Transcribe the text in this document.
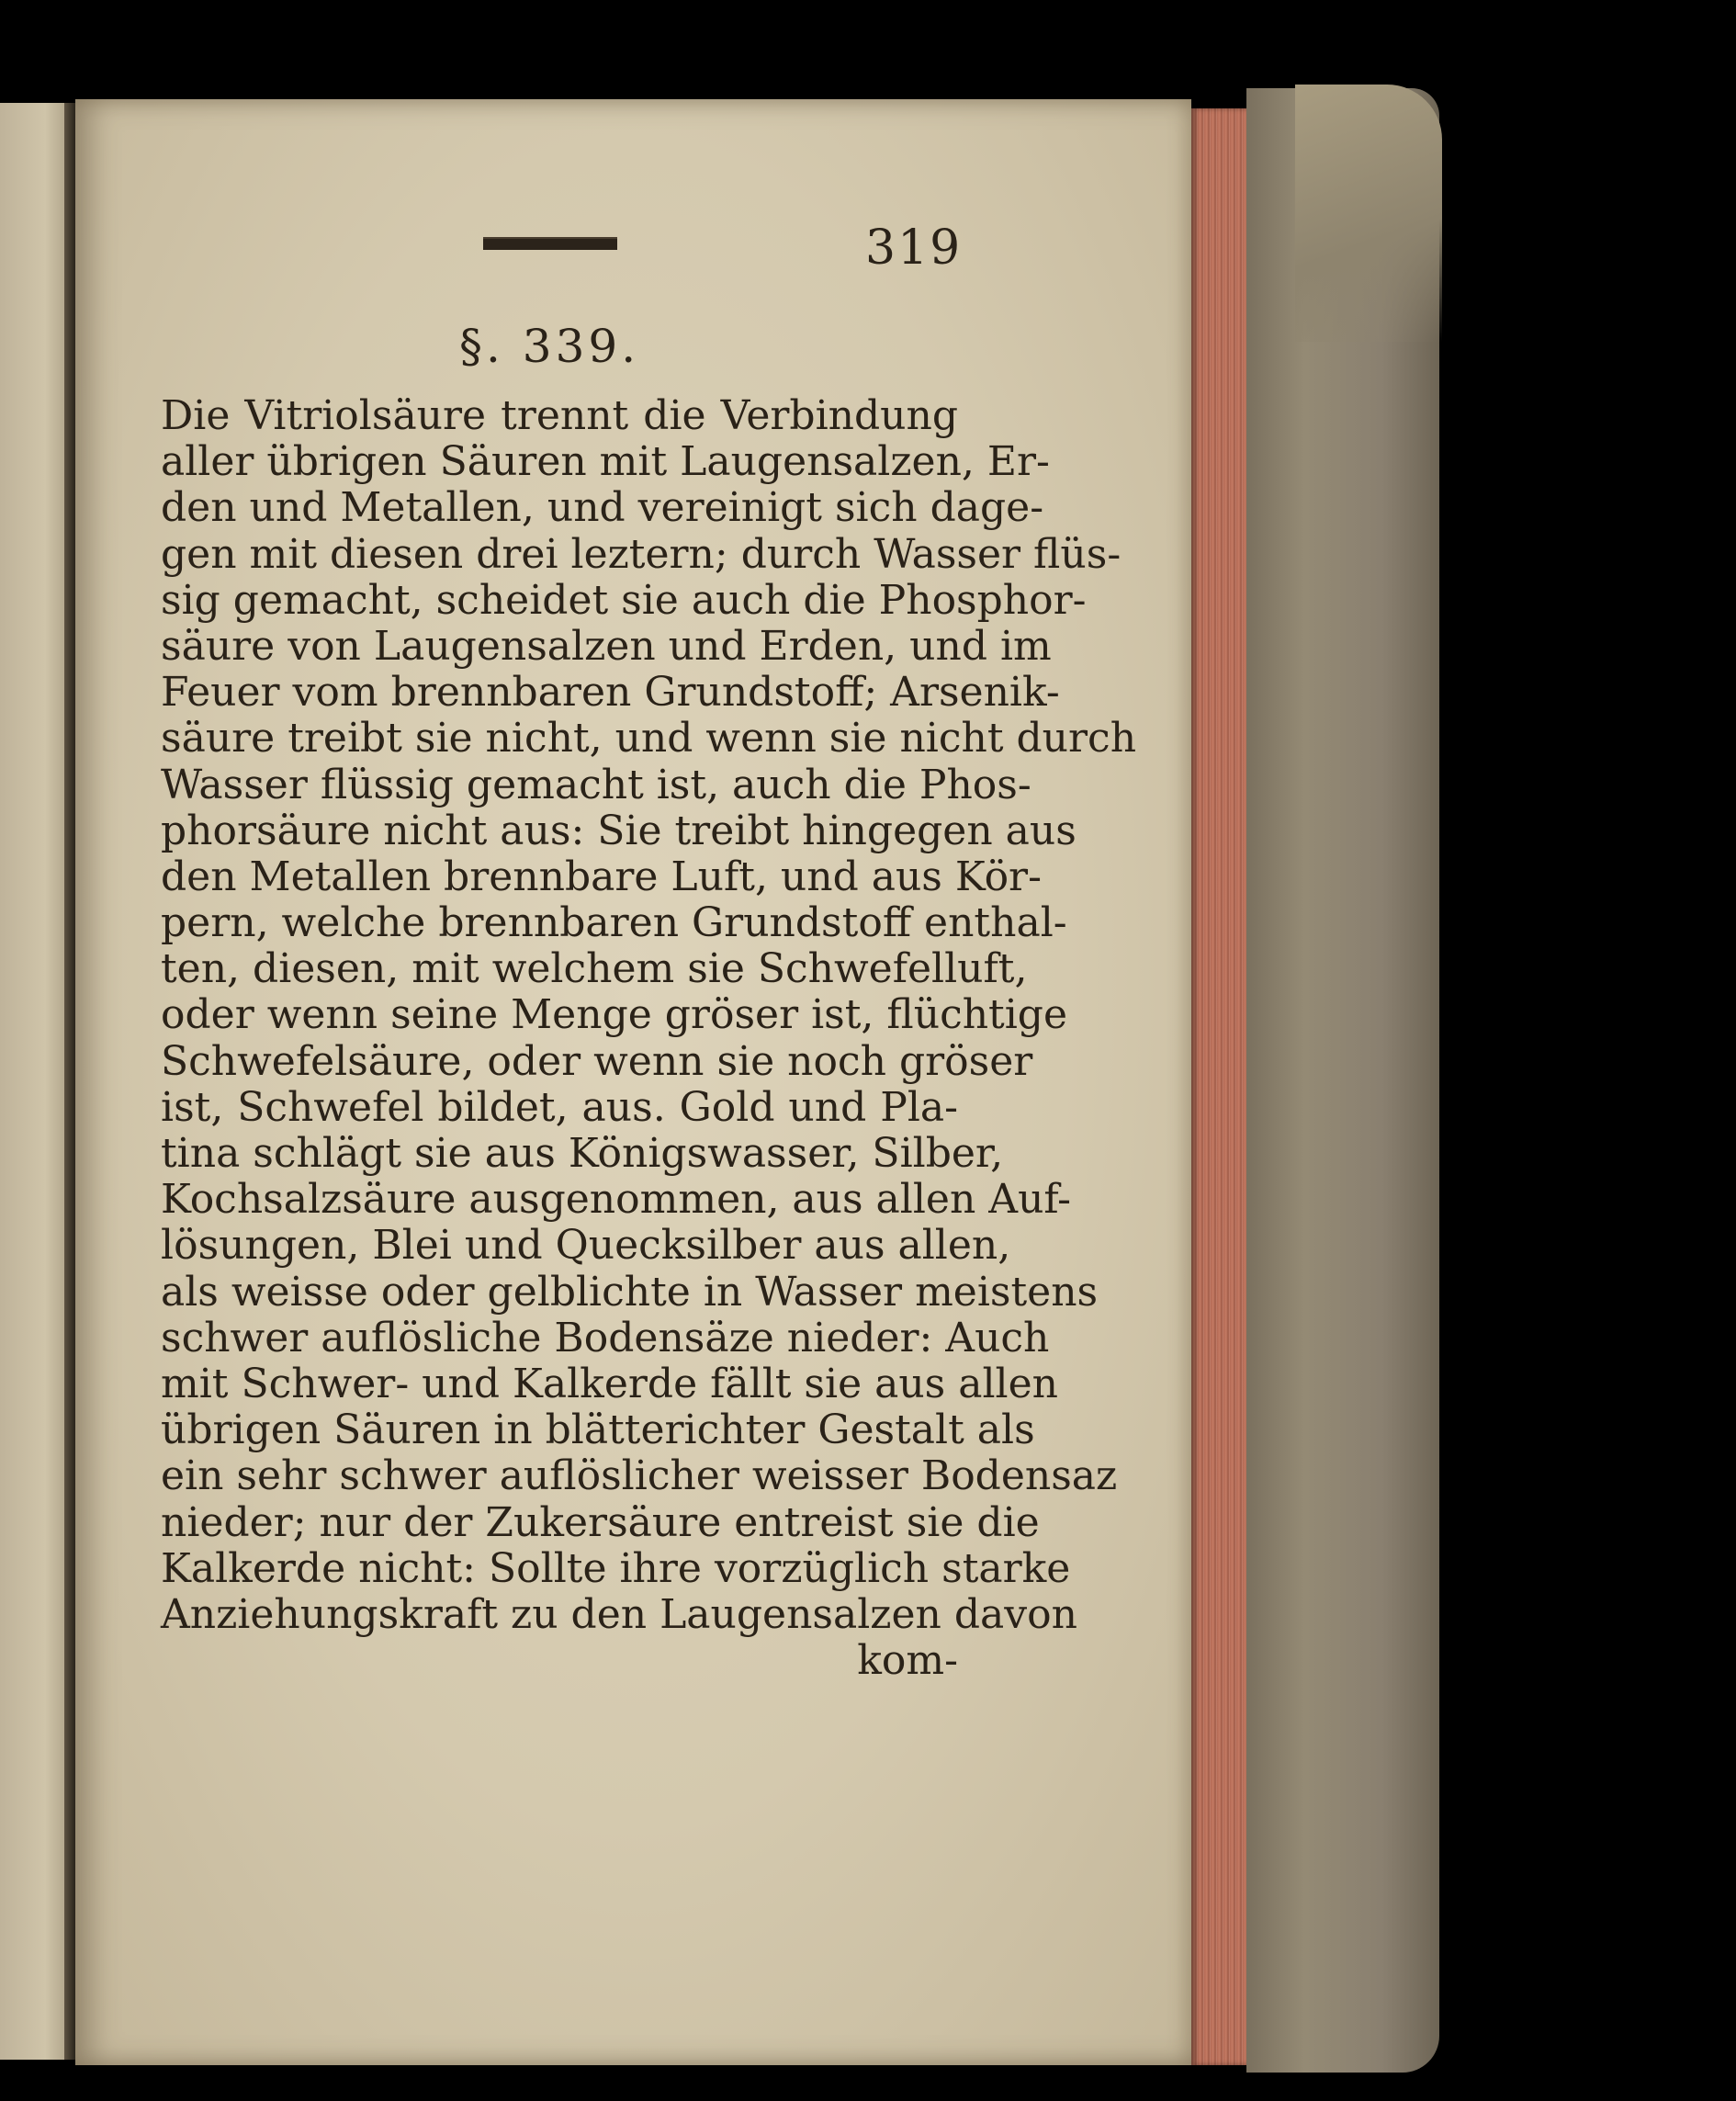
319
§. 339.
Die Vitriolsäure trennt die Verbindung
aller übrigen Säuren mit Laugensalzen, Er-
den und Metallen, und vereinigt sich dage-
gen mit diesen drei leztern; durch Wasser flüs-
sig gemacht, scheidet sie auch die Phosphor-
säure von Laugensalzen und Erden, und im
Feuer vom brennbaren Grundstoff; Arsenik-
säure treibt sie nicht, und wenn sie nicht durch
Wasser flüssig gemacht ist, auch die Phos-
phorsäure nicht aus: Sie treibt hingegen aus
den Metallen brennbare Luft, und aus Kör-
pern, welche brennbaren Grundstoff enthal-
ten, diesen, mit welchem sie Schwefelluft,
oder wenn seine Menge gröser ist, flüchtige
Schwefelsäure, oder wenn sie noch gröser
ist, Schwefel bildet, aus. Gold und Pla-
tina schlägt sie aus Königswasser, Silber,
Kochsalzsäure ausgenommen, aus allen Auf-
lösungen, Blei und Quecksilber aus allen,
als weisse oder gelblichte in Wasser meistens
schwer auflösliche Bodensäze nieder: Auch
mit Schwer- und Kalkerde fällt sie aus allen
übrigen Säuren in blätterichter Gestalt als
ein sehr schwer auflöslicher weisser Bodensaz
nieder; nur der Zukersäure entreist sie die
Kalkerde nicht: Sollte ihre vorzüglich starke
Anziehungskraft zu den Laugensalzen davon
kom-
